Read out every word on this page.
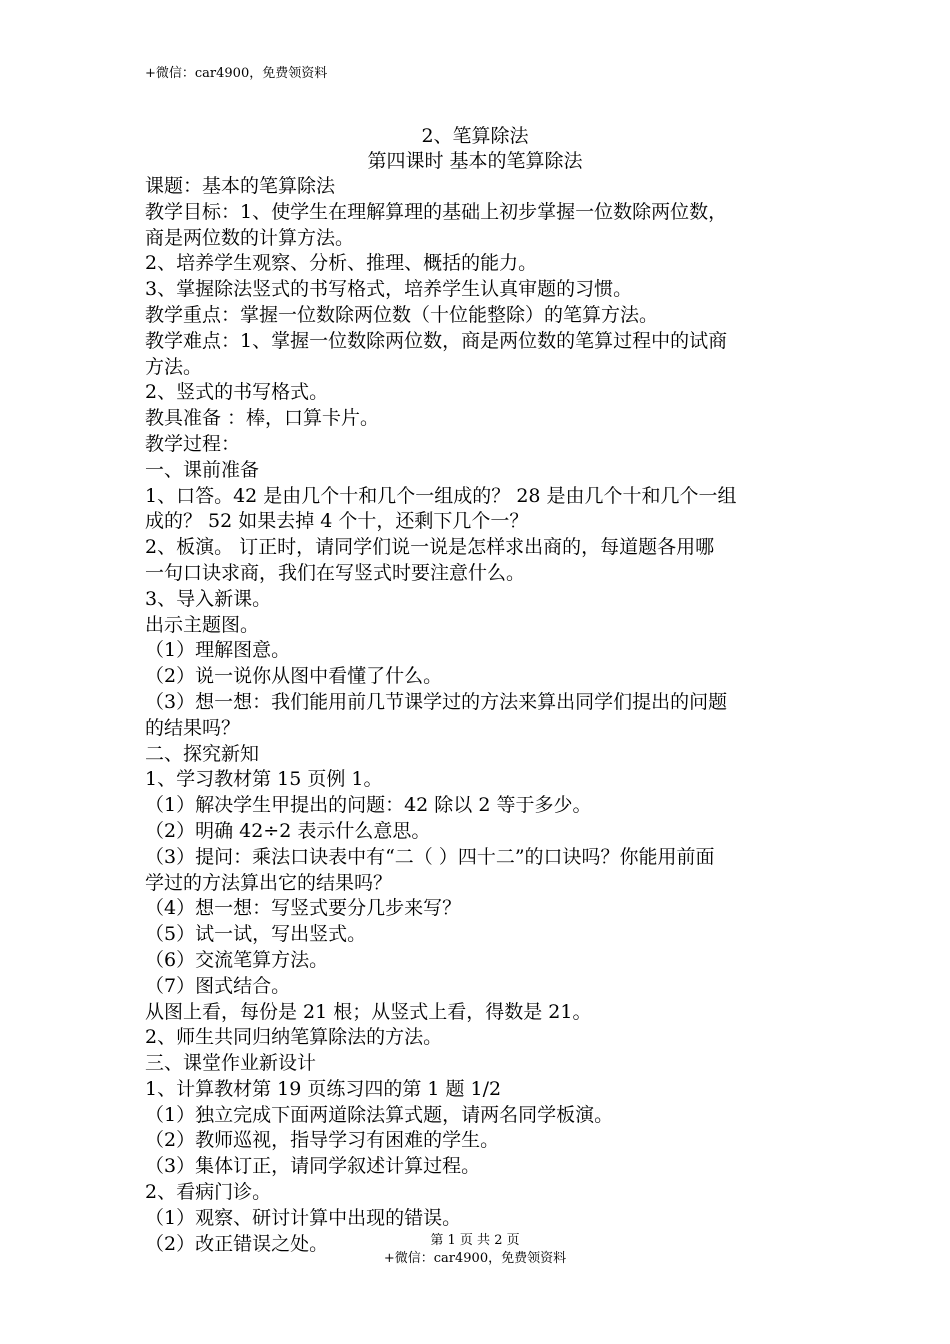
+微信：car4900，免费领资料
2、笔算除法
第四课时 基本的笔算除法
课题：基本的笔算除法
教学目标：1、使学生在理解算理的基础上初步掌握一位数除两位数，
商是两位数的计算方法。
2、培养学生观察、分析、推理、概括的能力。
3、掌握除法竖式的书写格式，培养学生认真审题的习惯。
教学重点：掌握一位数除两位数（十位能整除）的笔算方法。
教学难点：1、掌握一位数除两位数，商是两位数的笔算过程中的试商
方法。
2、竖式的书写格式。
教具准备 ：棒，口算卡片。
教学过程：
一、课前准备
1、口答。42 是由几个十和几个一组成的？ 28 是由几个十和几个一组
成的？ 52 如果去掉 4 个十，还剩下几个一？
2、板演。 订正时，请同学们说一说是怎样求出商的，每道题各用哪
一句口诀求商，我们在写竖式时要注意什么。
3、导入新课。
出示主题图。
（1）理解图意。
（2）说一说你从图中看懂了什么。
（3）想一想：我们能用前几节课学过的方法来算出同学们提出的问题
的结果吗？
二、探究新知
1、学习教材第 15 页例 1。
（1）解决学生甲提出的问题：42 除以 2 等于多少。
（2）明确 42÷2 表示什么意思。
（3）提问：乘法口诀表中有“二（ ）四十二”的口诀吗？你能用前面
学过的方法算出它的结果吗？
（4）想一想：写竖式要分几步来写？
（5）试一试，写出竖式。
（6）交流笔算方法。
（7）图式结合。
从图上看，每份是 21 根；从竖式上看，得数是 21。
2、师生共同归纳笔算除法的方法。
三、课堂作业新设计
1、计算教材第 19 页练习四的第 1 题 1/2
（1）独立完成下面两道除法算式题，请两名同学板演。
（2）教师巡视，指导学习有困难的学生。
（3）集体订正，请同学叙述计算过程。
2、看病门诊。
（1）观察、研讨计算中出现的错误。
（2）改正错误之处。	第 1 页 共 2 页
+微信：car4900，免费领资料
